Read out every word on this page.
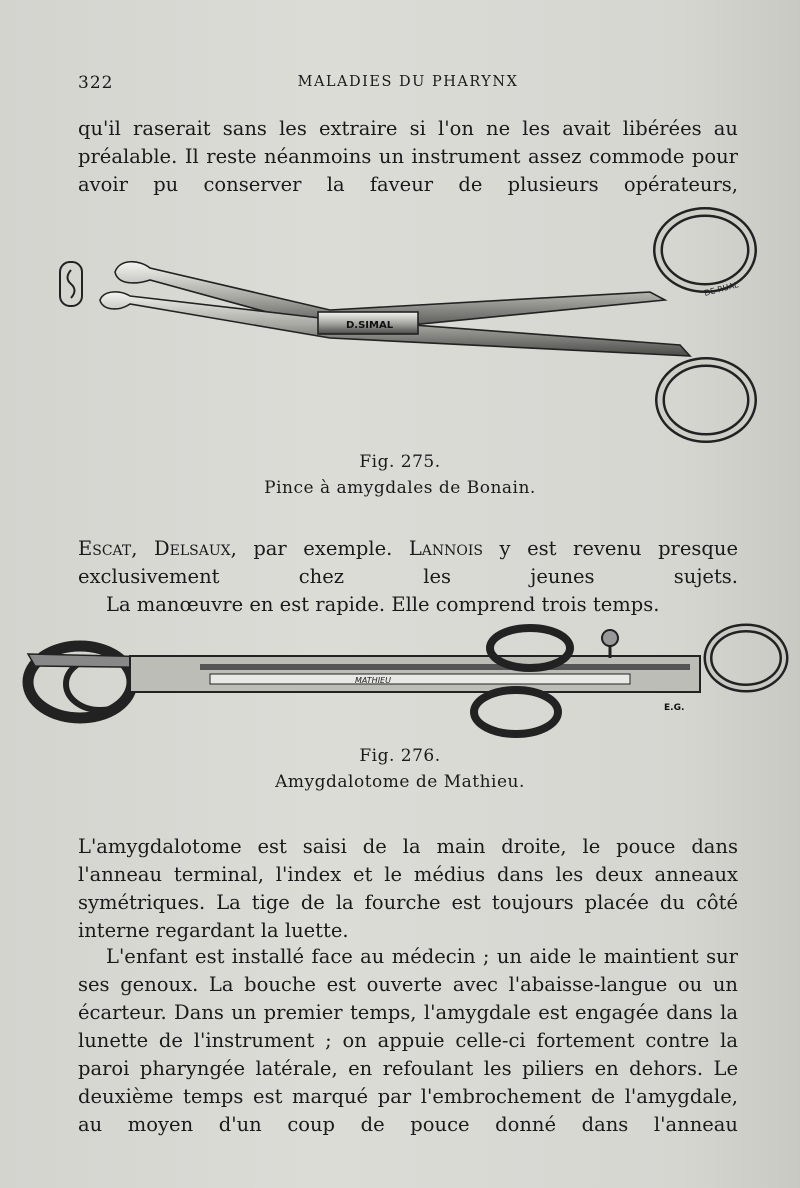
322	MALADIES DU PHARYNX

qu'il raserait sans les extraire si l'on ne les avait libérées au préalable. Il reste néanmoins un instrument assez commode pour avoir pu conserver la faveur de plusieurs opérateurs,

D.SIMAL
DE RUAL
Fig. 275.
Pince à amygdales de Bonain.

Escat, Delsaux, par exemple. Lannois y est revenu presque exclusivement chez les jeunes sujets.

La manœuvre en est rapide. Elle comprend trois temps.

MATHIEU
E.G.
Fig. 276.
Amygdalotome de Mathieu.

L'amygdalotome est saisi de la main droite, le pouce dans l'anneau terminal, l'index et le médius dans les deux anneaux symétriques. La tige de la fourche est toujours placée du côté interne regardant la luette.

L'enfant est installé face au médecin ; un aide le maintient sur ses genoux. La bouche est ouverte avec l'abaisse-langue ou un écarteur. Dans un premier temps, l'amygdale est engagée dans la lunette de l'instrument ; on appuie celle-ci fortement contre la paroi pharyngée latérale, en refoulant les piliers en dehors. Le deuxième temps est marqué par l'embrochement de l'amygdale, au moyen d'un coup de pouce donné dans l'anneau
